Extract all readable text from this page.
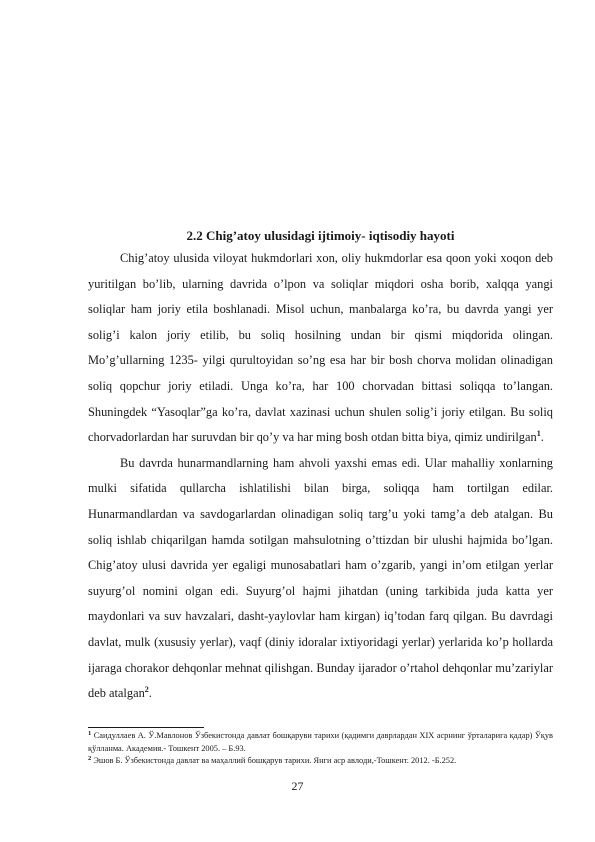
2.2 Chig’atoy ulusidagi ijtimoiy- iqtisodiy hayoti

Chig’atoy ulusida viloyat hukmdorlari xon, oliy hukmdorlar esa qoon yoki xoqon deb yuritilgan bo’lib, ularning davrida o’lpon va soliqlar miqdori osha borib, xalqqa yangi soliqlar ham joriy etila boshlanadi. Misol uchun, manbalarga ko’ra, bu davrda yangi yer solig’i kalon joriy etilib, bu soliq hosilning undan bir qismi miqdorida olingan. Mo’g’ullarning 1235- yilgi qurultoyidan so’ng esa har bir bosh chorva molidan olinadigan soliq qopchur joriy etiladi. Unga ko’ra, har 100 chorvadan bittasi soliqqa to’langan. Shuningdek “Yasoqlar”ga ko’ra, davlat xazinasi uchun shulen solig’i joriy etilgan. Bu soliq chorvadorlardan har suruvdan bir qo’y va har ming bosh otdan bitta biya, qimiz undirilgan$^1$.

Bu davrda hunarmandlarning ham ahvoli yaxshi emas edi. Ular mahalliy xonlarning mulki sifatida qullarcha ishlatilishi bilan birga, soliqqa ham tortilgan edilar. Hunarmandlardan va savdogarlardan olinadigan soliq targ’u yoki tamg’a deb atalgan. Bu soliq ishlab chiqarilgan hamda sotilgan mahsulotning o’ttizdan bir ulushi hajmida bo’lgan. Chig’atoy ulusi davrida yer egaligi munosabatlari ham o’zgarib, yangi in’om etilgan yerlar suyurg’ol nomini olgan edi. Suyurg’ol hajmi jihatdan (uning tarkibida juda katta yer maydonlari va suv havzalari, dasht-yaylovlar ham kirgan) iq’todan farq qilgan. Bu davrdagi davlat, mulk (xususiy yerlar), vaqf (diniy idoralar ixtiyoridagi yerlar) yerlarida ko’p hollarda ijaraga chorakor dehqonlar mehnat qilishgan. Bunday ijarador o’rtahol dehqonlar mu’zariylar deb atalgan$^2$.

$^1$ Саидуллаев А. Ў.Мавлонов Ўзбекистонда давлат бошқаруви тарихи (қадимги даврлардан XIX асрнинг ўрталарига қадар) Ўқув қўлланма. Академия.- Тошкент 2005. – Б.93.

$^2$ Эшов Б. Ўзбекистонда давлат ва маҳаллий бошқарув тарихи. Янги аср авлоди,-Тошкент. 2012. -Б.252.

27
